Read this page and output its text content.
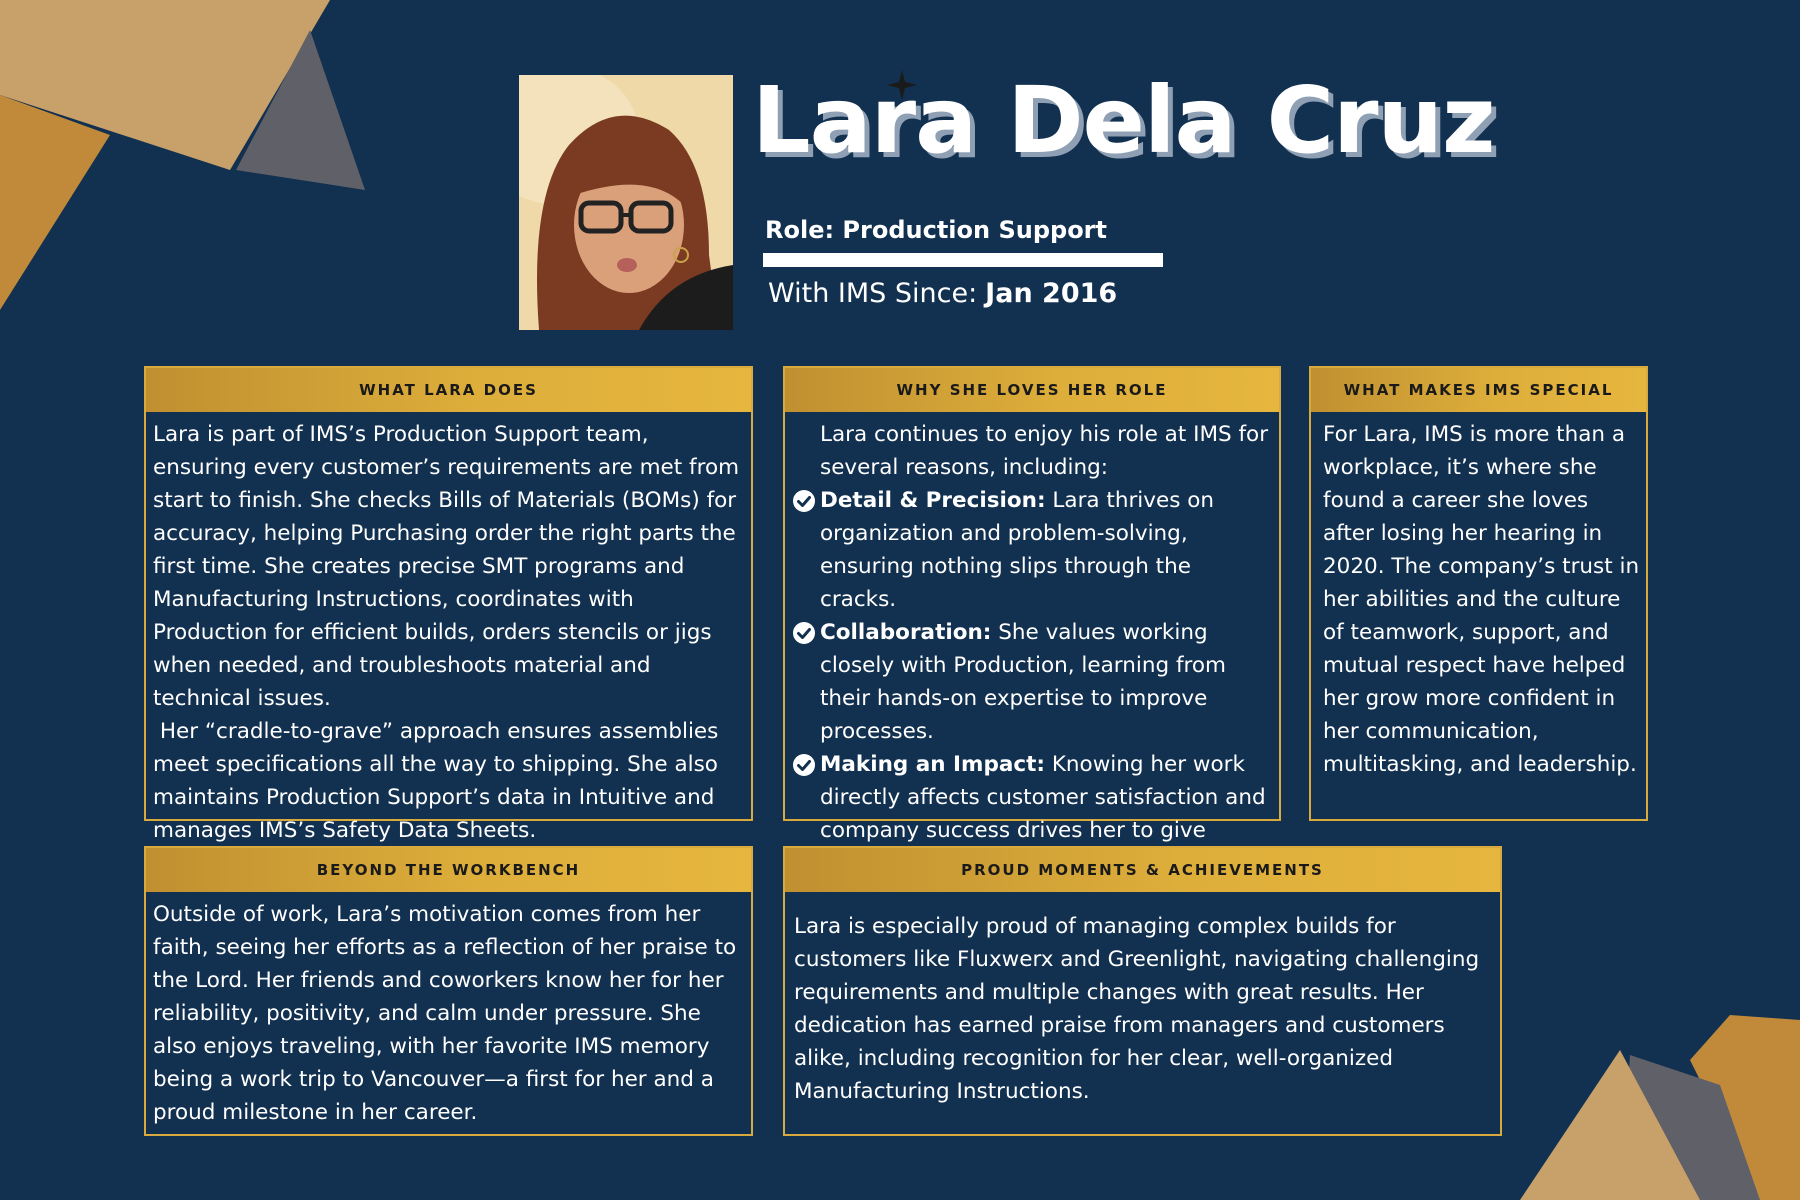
Lara Dela Cruz

Role: Production Support

With IMS Since: Jan 2016

WHAT LARA DOES

Lara is part of IMS’s Production Support team, ensuring every customer’s requirements are met from start to finish. She checks Bills of Materials (BOMs) for accuracy, helping Purchasing order the right parts the first time. She creates precise SMT programs and Manufacturing Instructions, coordinates with Production for efficient builds, orders stencils or jigs when needed, and troubleshoots material and technical issues.

Her “cradle-to-grave” approach ensures assemblies meet specifications all the way to shipping. She also maintains Production Support’s data in Intuitive and manages IMS’s Safety Data Sheets.

WHY SHE LOVES HER ROLE

Lara continues to enjoy his role at IMS for several reasons, including:

Detail & Precision: Lara thrives on organization and problem-solving, ensuring nothing slips through the cracks.

Collaboration: She values working closely with Production, learning from their hands-on expertise to improve processes.

Making an Impact: Knowing her work directly affects customer satisfaction and company success drives her to give

WHAT MAKES IMS SPECIAL

For Lara, IMS is more than a workplace, it’s where she found a career she loves after losing her hearing in 2020. The company’s trust in her abilities and the culture of teamwork, support, and mutual respect have helped her grow more confident in her communication, multitasking, and leadership.

BEYOND THE WORKBENCH

Outside of work, Lara’s motivation comes from her faith, seeing her efforts as a reflection of her praise to the Lord. Her friends and coworkers know her for her reliability, positivity, and calm under pressure. She also enjoys traveling, with her favorite IMS memory being a work trip to Vancouver—a first for her and a proud milestone in her career.

PROUD MOMENTS & ACHIEVEMENTS

Lara is especially proud of managing complex builds for customers like Fluxwerx and Greenlight, navigating challenging requirements and multiple changes with great results. Her dedication has earned praise from managers and customers alike, including recognition for her clear, well-organized Manufacturing Instructions.
